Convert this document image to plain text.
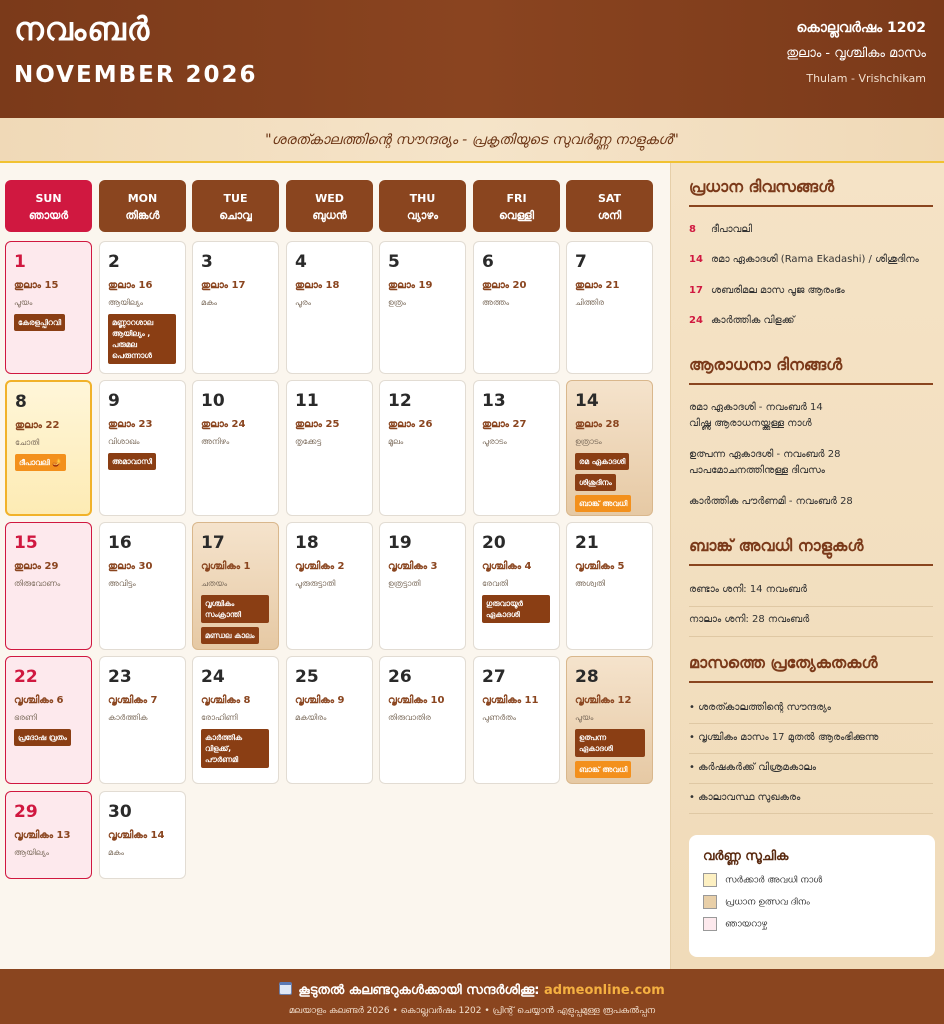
നവംബർ
NOVEMBER 2026
കൊല്ലവർഷം 1202
തുലാം - വൃശ്ചികം മാസം
Thulam - Vrishchikam
"ശരത്കാലത്തിന്റെ സൗന്ദര്യം - പ്രകൃതിയുടെ സുവർണ്ണ നാളുകൾ"
SUN
ഞായർ
MON
തിങ്കൾ
TUE
ചൊവ്വ
WED
ബുധൻ
THU
വ്യാഴം
FRI
വെള്ളി
SAT
ശനി
1
തുലാം 15
പൂയം
കേരളപ്പിറവി
2
തുലാം 16
ആയില്യം
മണ്ണാറശാല ആയില്യം , പരുമല പെരുന്നാൾ
3
തുലാം 17
മകം
4
തുലാം 18
പൂരം
5
തുലാം 19
ഉത്രം
6
തുലാം 20
അത്തം
7
തുലാം 21
ചിത്തിര
8
തുലാം 22
ചോതി
ദീപാവലി 🪔
9
തുലാം 23
വിശാഖം
അമാവാസി
10
തുലാം 24
അനിഴം
11
തുലാം 25
തൃക്കേട്ട
12
തുലാം 26
മൂലം
13
തുലാം 27
പൂരാടം
14
തുലാം 28
ഉത്രാടം
രമ ഏകാദശി
ശിശുദിനം
ബാങ്ക് അവധി
15
തുലാം 29
തിരുവോണം
16
തുലാം 30
അവിട്ടം
17
വൃശ്ചികം 1
ചതയം
വൃശ്ചികം സംക്രാന്തി
മണ്ഡല കാലം
18
വൃശ്ചികം 2
പൂരുരുട്ടാതി
19
വൃശ്ചികം 3
ഉത്രട്ടാതി
20
വൃശ്ചികം 4
രേവതി
ഗുരുവായൂർ ഏകാദശി
21
വൃശ്ചികം 5
അശ്വതി
22
വൃശ്ചികം 6
ഭരണി
പ്രദോഷ വ്രതം
23
വൃശ്ചികം 7
കാർത്തിക
24
വൃശ്ചികം 8
രോഹിണി
കാർത്തിക വിളക്ക്, പൗർണമി
25
വൃശ്ചികം 9
മകയിരം
26
വൃശ്ചികം 10
തിരുവാതിര
27
വൃശ്ചികം 11
പുണർതം
28
വൃശ്ചികം 12
പൂയം
ഉത്പന്ന ഏകാദശി
ബാങ്ക് അവധി
29
വൃശ്ചികം 13
ആയില്യം
30
വൃശ്ചികം 14
മകം
പ്രധാന ദിവസങ്ങൾ
8 ദീപാവലി
14 രമാ ഏകാദശി (Rama Ekadashi) / ശിശുദിനം
17 ശബരിമല മാസ പൂജ ആരംഭം
24 കാർത്തിക വിളക്ക്
ആരാധനാ ദിനങ്ങൾ
രമാ ഏകാദശി - നവംബർ 14
വിഷ്ണു ആരാധനയ്ക്കുള്ള നാൾ
ഉത്പന്ന ഏകാദശി - നവംബർ 28
പാപമോചനത്തിനുള്ള ദിവസം
കാർത്തിക പൗർണമി - നവംബർ 28
ബാങ്ക് അവധി നാളുകൾ
രണ്ടാം ശനി: 14 നവംബർ
നാലാം ശനി: 28 നവംബർ
മാസത്തെ പ്രത്യേകതകൾ
• ശരത്കാലത്തിന്റെ സൗന്ദര്യം
• വൃശ്ചികം മാസം 17 മുതൽ ആരംഭിക്കുന്നു
• കർഷകർക്ക് വിശ്രമകാലം
• കാലാവസ്ഥ സുഖകരം
വർണ്ണ സൂചിക
സർക്കാർ അവധി നാൾ
പ്രധാന ഉത്സവ ദിനം
ഞായറാഴ്ച
കൂടുതൽ കലണ്ടറുകൾക്കായി സന്ദർശിക്കൂ: admeonline.com
മലയാളം കലണ്ടർ 2026 • കൊല്ലവർഷം 1202 • പ്രിന്റ് ചെയ്യാൻ എളുപ്പമുള്ള രൂപകൽപ്പന
